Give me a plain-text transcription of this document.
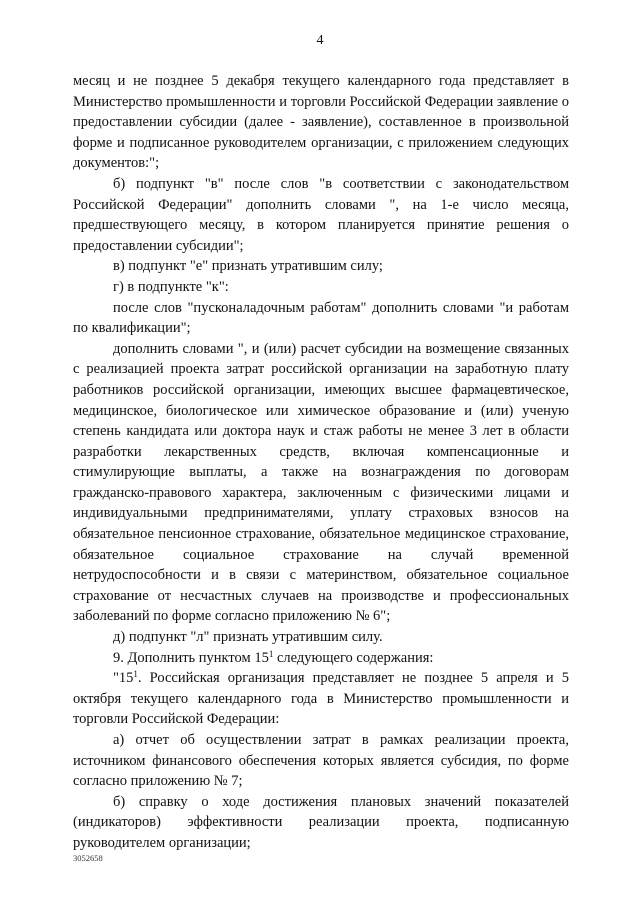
4

месяц и не позднее 5 декабря текущего календарного года представляет в Министерство промышленности и торговли Российской Федерации заявление о предоставлении субсидии (далее - заявление), составленное в произвольной форме и подписанное руководителем организации, с приложением следующих документов:";

б) подпункт "в" после слов "в соответствии с законодательством Российской Федерации" дополнить словами ", на 1-е число месяца, предшествующего месяцу, в котором планируется принятие решения о предоставлении субсидии";

в) подпункт "е" признать утратившим силу;

г) в подпункте "к":

после слов "пусконаладочным работам" дополнить словами "и работам по квалификации";

дополнить словами ", и (или) расчет субсидии на возмещение связанных с реализацией проекта затрат российской организации на заработную плату работников российской организации, имеющих высшее фармацевтическое, медицинское, биологическое или химическое образование и (или) ученую степень кандидата или доктора наук и стаж работы не менее 3 лет в области разработки лекарственных средств, включая компенсационные и стимулирующие выплаты, а также на вознаграждения по договорам гражданско-правового характера, заключенным с физическими лицами и индивидуальными предпринимателями, уплату страховых взносов на обязательное пенсионное страхование, обязательное медицинское страхование, обязательное социальное страхование на случай временной нетрудоспособности и в связи с материнством, обязательное социальное страхование от несчастных случаев на производстве и профессиональных заболеваний по форме согласно приложению № 6";

д) подпункт "л" признать утратившим силу.

9. Дополнить пунктом $15^1$ следующего содержания:

"$15^1$. Российская организация представляет не позднее 5 апреля и 5 октября текущего календарного года в Министерство промышленности и торговли Российской Федерации:

а) отчет об осуществлении затрат в рамках реализации проекта, источником финансового обеспечения которых является субсидия, по форме согласно приложению № 7;

б) справку о ходе достижения плановых значений показателей (индикаторов) эффективности реализации проекта, подписанную руководителем организации;

3052658
